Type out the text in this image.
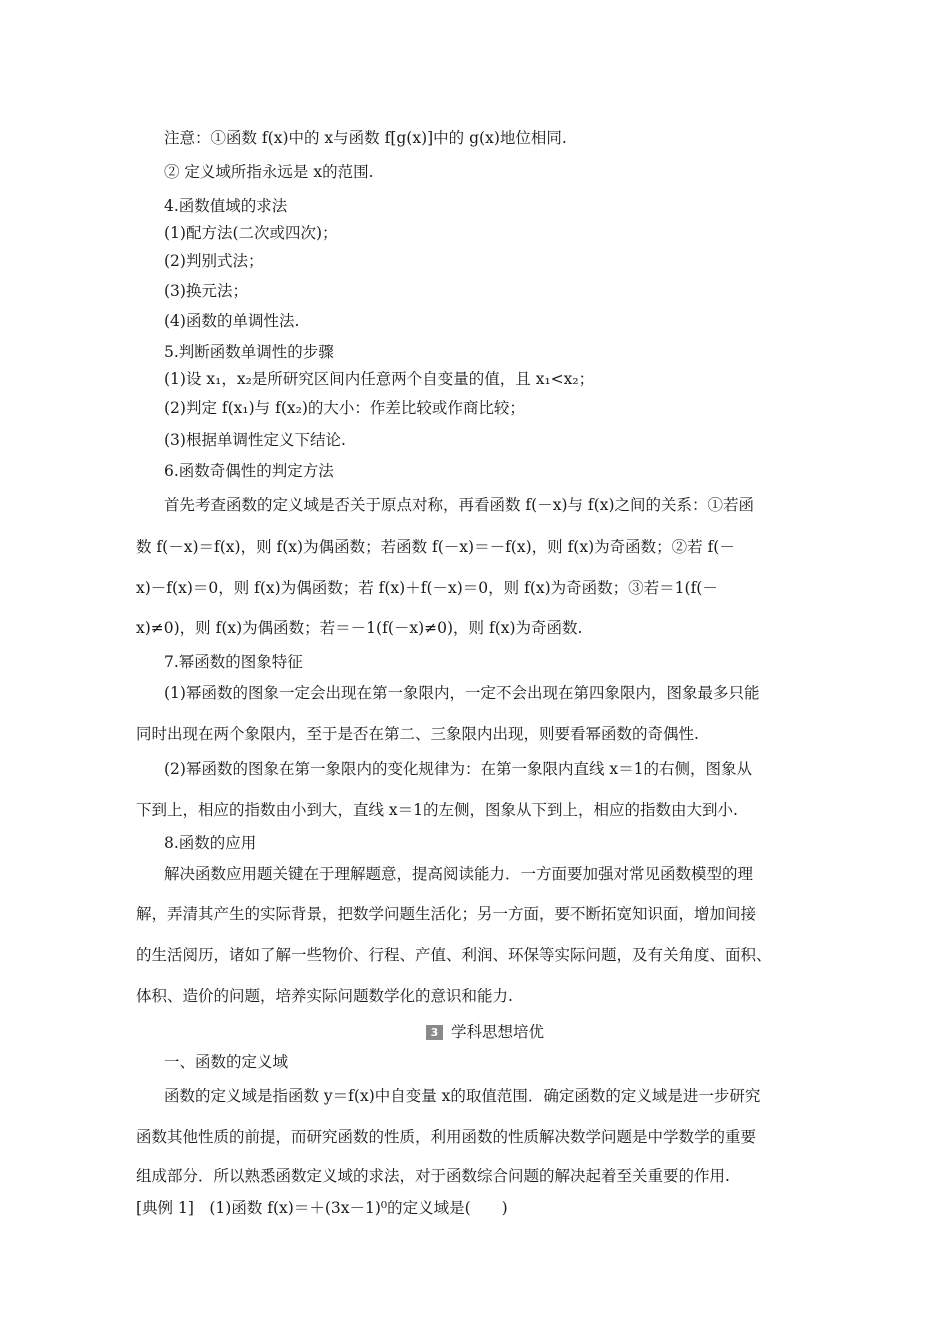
注意：①函数 f(x)中的 x与函数 f[g(x)]中的 g(x)地位相同.
② 定义域所指永远是 x的范围.
4.函数值域的求法
(1)配方法(二次或四次)；
(2)判别式法；
(3)换元法；
(4)函数的单调性法.
5.判断函数单调性的步骤
(1)设 x₁，x₂是所研究区间内任意两个自变量的值，且 x₁<x₂；
(2)判定 f(x₁)与 f(x₂)的大小：作差比较或作商比较；
(3)根据单调性定义下结论.
6.函数奇偶性的判定方法
首先考查函数的定义域是否关于原点对称，再看函数 f(－x)与 f(x)之间的关系：①若函
数 f(－x)＝f(x)，则 f(x)为偶函数；若函数 f(－x)＝－f(x)，则 f(x)为奇函数；②若 f(－
x)－f(x)＝0，则 f(x)为偶函数；若 f(x)＋f(－x)＝0，则 f(x)为奇函数；③若＝1(f(－
x)≠0)，则 f(x)为偶函数；若＝－1(f(－x)≠0)，则 f(x)为奇函数.
7.幂函数的图象特征
(1)幂函数的图象一定会出现在第一象限内，一定不会出现在第四象限内，图象最多只能
同时出现在两个象限内，至于是否在第二、三象限内出现，则要看幂函数的奇偶性.
(2)幂函数的图象在第一象限内的变化规律为：在第一象限内直线 x＝1的右侧，图象从
下到上，相应的指数由小到大，直线 x＝1的左侧，图象从下到上，相应的指数由大到小.
8.函数的应用
解决函数应用题关键在于理解题意，提高阅读能力．一方面要加强对常见函数模型的理
解，弄清其产生的实际背景，把数学问题生活化；另一方面，要不断拓宽知识面，增加间接
的生活阅历，诸如了解一些物价、行程、产值、利润、环保等实际问题，及有关角度、面积、
体积、造价的问题，培养实际问题数学化的意识和能力.
3 学科思想培优
一、函数的定义域
函数的定义域是指函数 y＝f(x)中自变量 x的取值范围．确定函数的定义域是进一步研究
函数其他性质的前提，而研究函数的性质，利用函数的性质解决数学问题是中学数学的重要
组成部分．所以熟悉函数定义域的求法，对于函数综合问题的解决起着至关重要的作用.
[典例 1]　(1)函数 f(x)＝＋(3x－1)⁰的定义域是(　　)
